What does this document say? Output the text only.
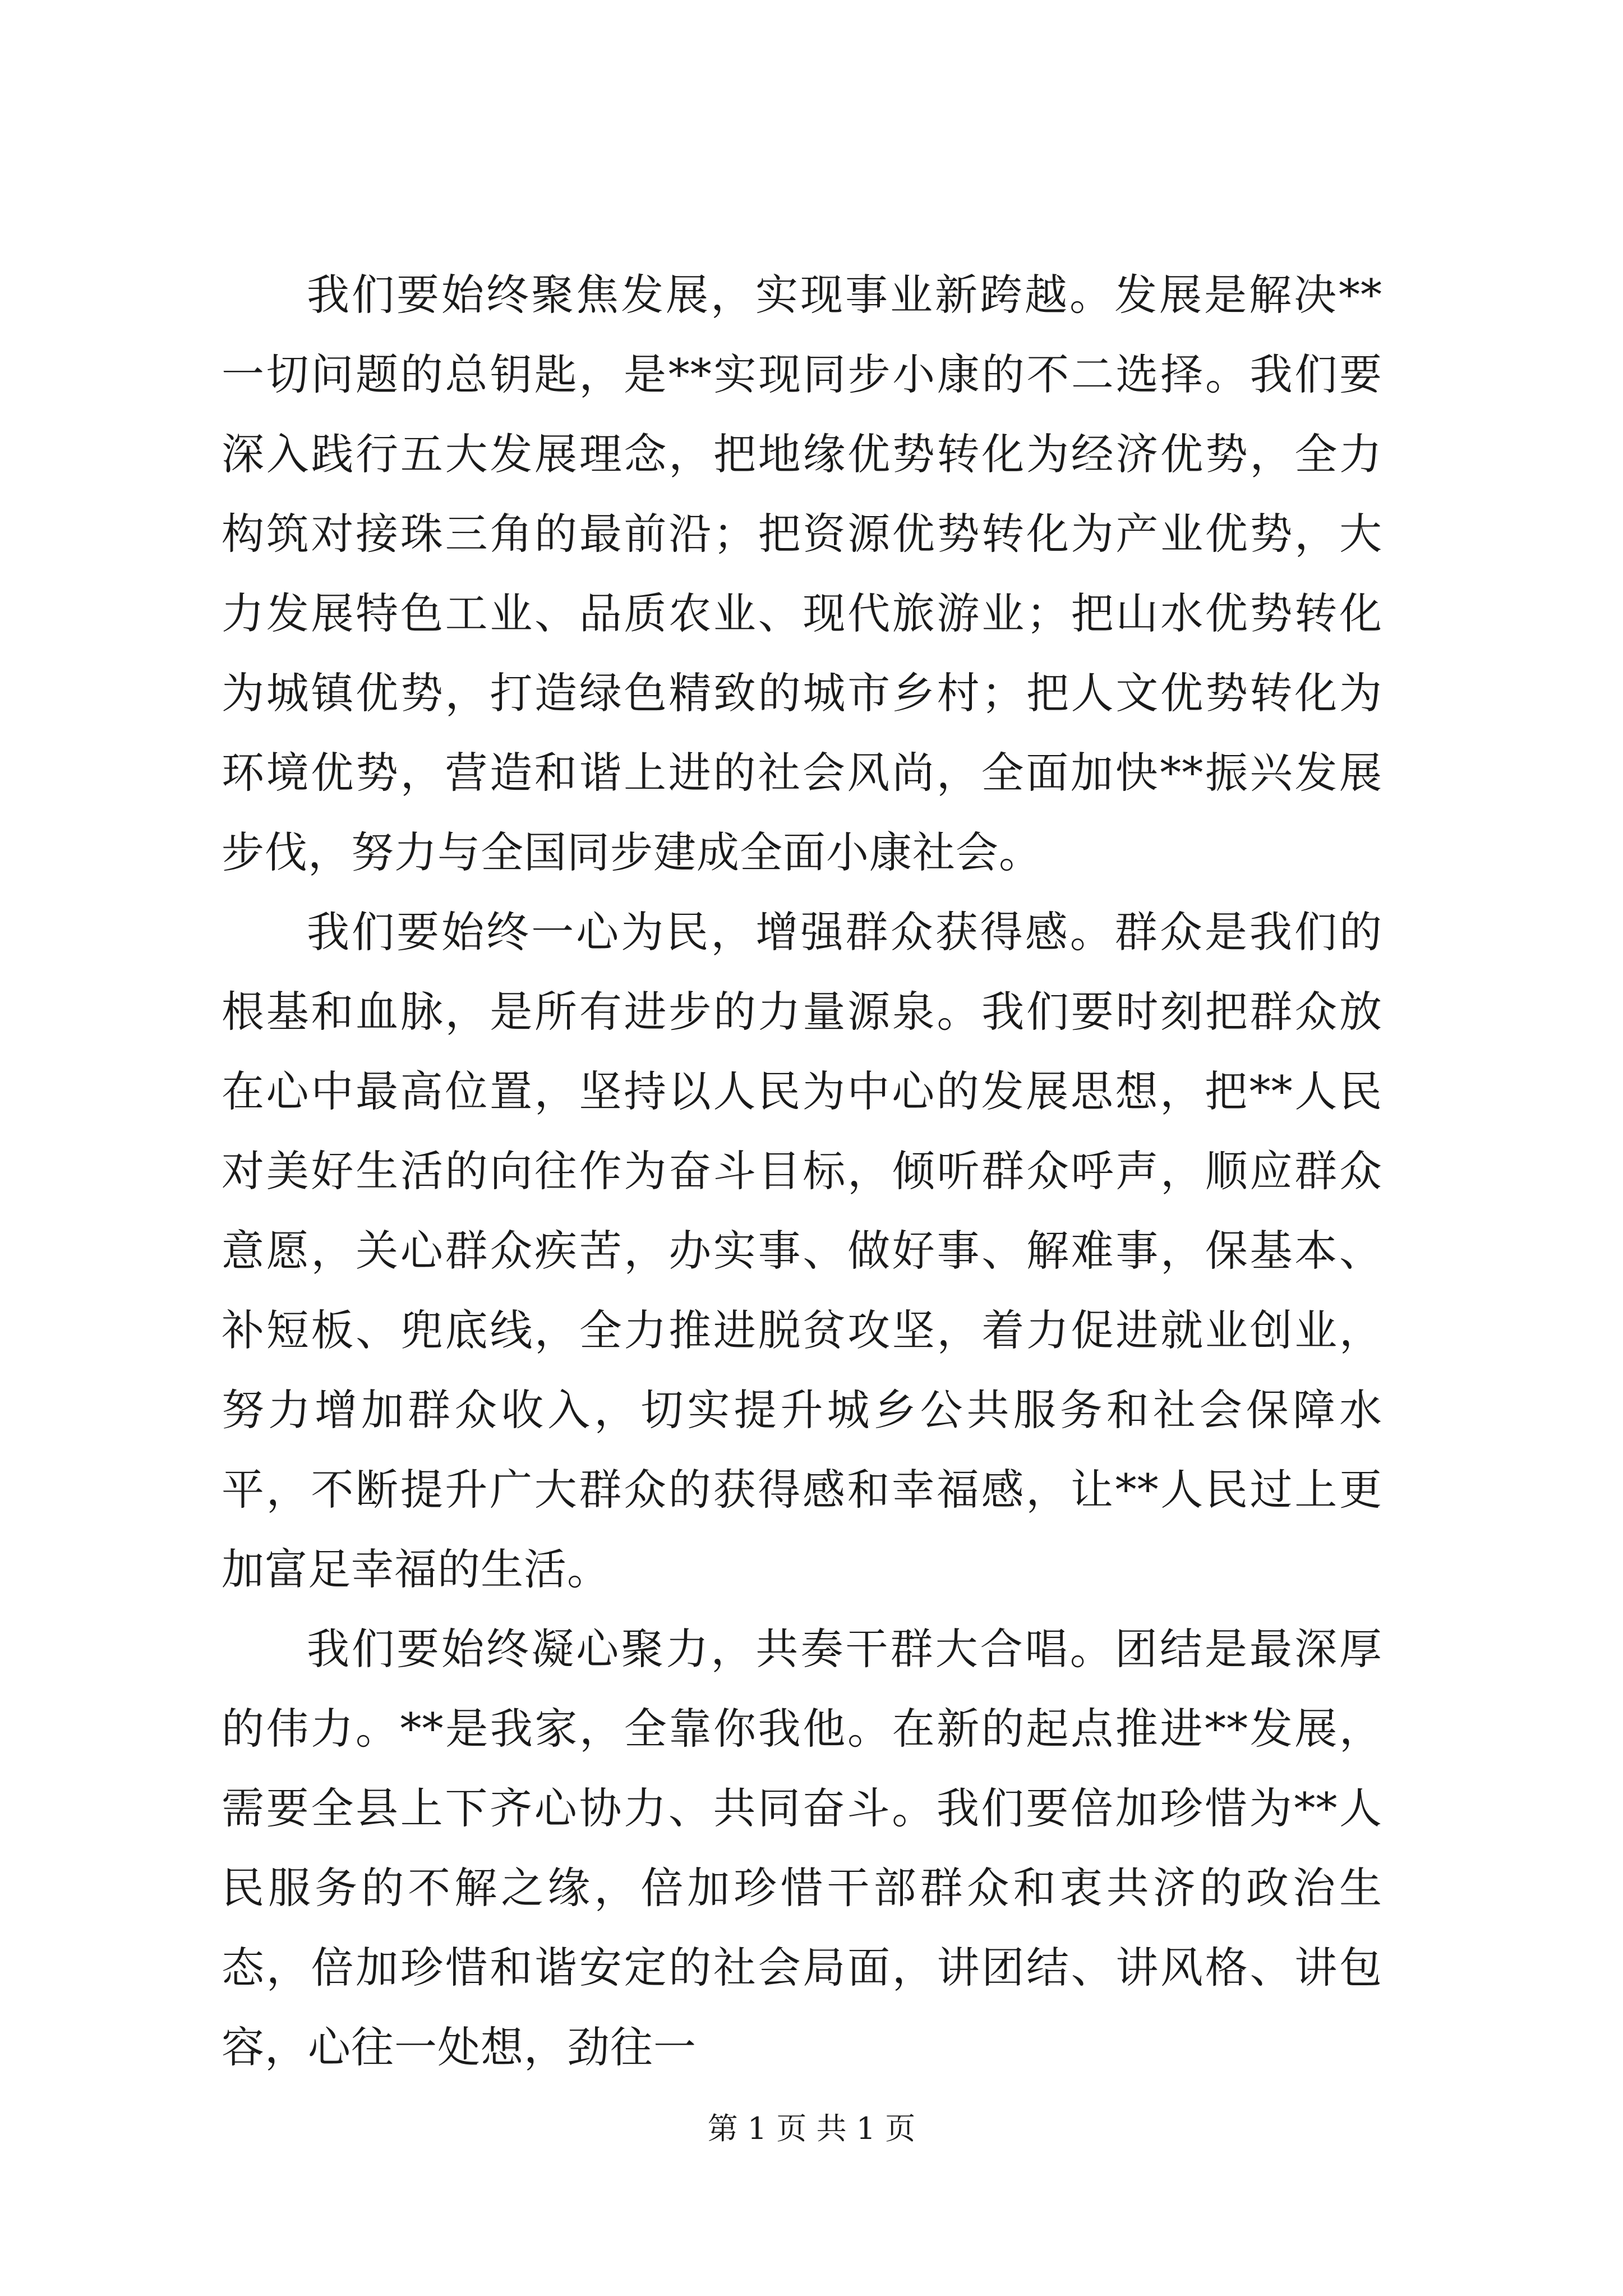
我们要始终聚焦发展，实现事业新跨越。发展是解决**一切问题的总钥匙，是**实现同步小康的不二选择。我们要深入践行五大发展理念，把地缘优势转化为经济优势，全力构筑对接珠三角的最前沿；把资源优势转化为产业优势，大力发展特色工业、品质农业、现代旅游业；把山水优势转化为城镇优势，打造绿色精致的城市乡村；把人文优势转化为环境优势，营造和谐上进的社会风尚，全面加快**振兴发展步伐，努力与全国同步建成全面小康社会。

我们要始终一心为民，增强群众获得感。群众是我们的根基和血脉，是所有进步的力量源泉。我们要时刻把群众放在心中最高位置，坚持以人民为中心的发展思想，把**人民对美好生活的向往作为奋斗目标，倾听群众呼声，顺应群众意愿，关心群众疾苦，办实事、做好事、解难事，保基本、补短板、兜底线，全力推进脱贫攻坚，着力促进就业创业，努力增加群众收入，切实提升城乡公共服务和社会保障水平，不断提升广大群众的获得感和幸福感，让**人民过上更加富足幸福的生活。

我们要始终凝心聚力，共奏干群大合唱。团结是最深厚的伟力。**是我家，全靠你我他。在新的起点推进**发展，需要全县上下齐心协力、共同奋斗。我们要倍加珍惜为**人民服务的不解之缘，倍加珍惜干部群众和衷共济的政治生态，倍加珍惜和谐安定的社会局面，讲团结、讲风格、讲包容，心往一处想，劲往一

第 1 页 共 1 页
